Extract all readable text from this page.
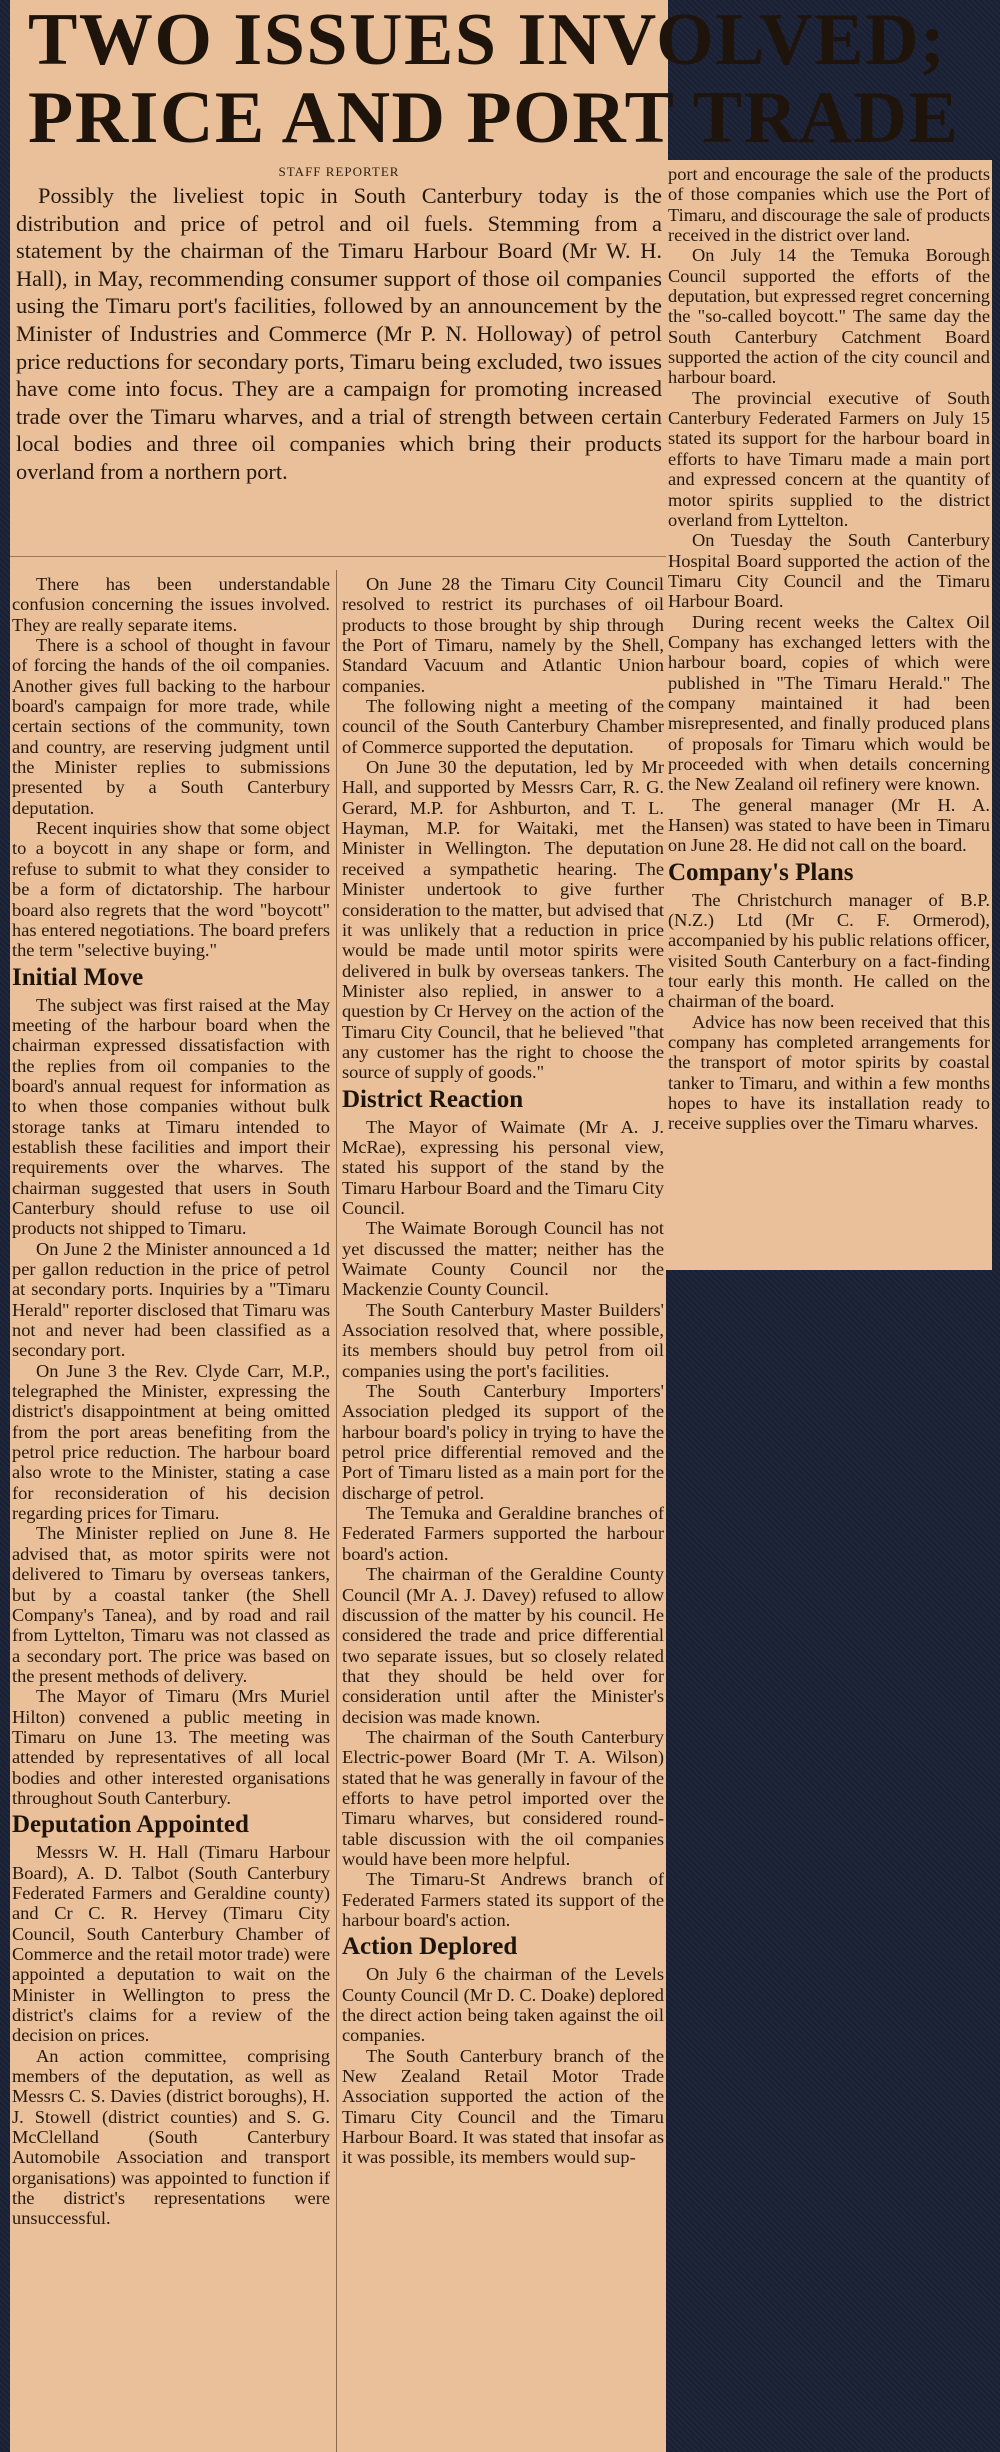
TWO ISSUES INVOLVED;
PRICE AND PORT TRADE
STAFF REPORTER

Possibly the liveliest topic in South Canterbury today is the distribution and price of petrol and oil fuels. Stemming from a statement by the chairman of the Timaru Harbour Board (Mr W. H. Hall), in May, recommending consumer support of those oil companies using the Timaru port's facilities, followed by an announcement by the Minister of Industries and Commerce (Mr P. N. Holloway) of petrol price reductions for secondary ports, Timaru being excluded, two issues have come into focus. They are a campaign for promoting increased trade over the Timaru wharves, and a trial of strength between certain local bodies and three oil companies which bring their products overland from a northern port.

port and encourage the sale of the products of those companies which use the Port of Timaru, and discourage the sale of products received in the district over land.

On July 14 the Temuka Borough Council supported the efforts of the deputation, but expressed regret concerning the "so-called boycott." The same day the South Canterbury Catchment Board supported the action of the city council and harbour board.

The provincial executive of South Canterbury Federated Farmers on July 15 stated its support for the harbour board in efforts to have Timaru made a main port and expressed concern at the quantity of motor spirits supplied to the district overland from Lyttelton.

On Tuesday the South Canterbury Hospital Board supported the action of the Timaru City Council and the Timaru Harbour Board.

During recent weeks the Caltex Oil Company has exchanged letters with the harbour board, copies of which were published in "The Timaru Herald." The company maintained it had been misrepresented, and finally produced plans of proposals for Timaru which would be proceeded with when details concerning the New Zealand oil refinery were known.

The general manager (Mr H. A. Hansen) was stated to have been in Timaru on June 28. He did not call on the board.

Company's Plans

The Christchurch manager of B.P. (N.Z.) Ltd (Mr C. F. Ormerod), accompanied by his public relations officer, visited South Canterbury on a fact-finding tour early this month. He called on the chairman of the board.

Advice has now been received that this company has completed arrangements for the transport of motor spirits by coastal tanker to Timaru, and within a few months hopes to have its installation ready to receive supplies over the Timaru wharves.

There has been understandable confusion concerning the issues involved. They are really separate items.

There is a school of thought in favour of forcing the hands of the oil companies. Another gives full backing to the harbour board's campaign for more trade, while certain sections of the community, town and country, are reserving judgment until the Minister replies to submissions presented by a South Canterbury deputation.

Recent inquiries show that some object to a boycott in any shape or form, and refuse to submit to what they consider to be a form of dictatorship. The harbour board also regrets that the word "boycott" has entered negotiations. The board prefers the term "selective buying."

Initial Move

The subject was first raised at the May meeting of the harbour board when the chairman expressed dissatisfaction with the replies from oil companies to the board's annual request for information as to when those companies without bulk storage tanks at Timaru intended to establish these facilities and import their requirements over the wharves. The chairman suggested that users in South Canterbury should refuse to use oil products not shipped to Timaru.

On June 2 the Minister announced a 1d per gallon reduction in the price of petrol at secondary ports. Inquiries by a "Timaru Herald" reporter disclosed that Timaru was not and never had been classified as a secondary port.

On June 3 the Rev. Clyde Carr, M.P., telegraphed the Minister, expressing the district's disappointment at being omitted from the port areas benefiting from the petrol price reduction. The harbour board also wrote to the Minister, stating a case for reconsideration of his decision regarding prices for Timaru.

The Minister replied on June 8. He advised that, as motor spirits were not delivered to Timaru by overseas tankers, but by a coastal tanker (the Shell Company's Tanea), and by road and rail from Lyttelton, Timaru was not classed as a secondary port. The price was based on the present methods of delivery.

The Mayor of Timaru (Mrs Muriel Hilton) convened a public meeting in Timaru on June 13. The meeting was attended by representatives of all local bodies and other interested organisations throughout South Canterbury.

Deputation Appointed

Messrs W. H. Hall (Timaru Harbour Board), A. D. Talbot (South Canterbury Federated Farmers and Geraldine county) and Cr C. R. Hervey (Timaru City Council, South Canterbury Chamber of Commerce and the retail motor trade) were appointed a deputation to wait on the Minister in Wellington to press the district's claims for a review of the decision on prices.

An action committee, comprising members of the deputation, as well as Messrs C. S. Davies (district boroughs), H. J. Stowell (district counties) and S. G. McClelland (South Canterbury Automobile Association and transport organisations) was appointed to function if the district's representations were unsuccessful.

On June 28 the Timaru City Council resolved to restrict its purchases of oil products to those brought by ship through the Port of Timaru, namely by the Shell, Standard Vacuum and Atlantic Union companies.

The following night a meeting of the council of the South Canterbury Chamber of Commerce supported the deputation.

On June 30 the deputation, led by Mr Hall, and supported by Messrs Carr, R. G. Gerard, M.P. for Ashburton, and T. L. Hayman, M.P. for Waitaki, met the Minister in Wellington. The deputation received a sympathetic hearing. The Minister undertook to give further consideration to the matter, but advised that it was unlikely that a reduction in price would be made until motor spirits were delivered in bulk by overseas tankers. The Minister also replied, in answer to a question by Cr Hervey on the action of the Timaru City Council, that he believed "that any customer has the right to choose the source of supply of goods."

District Reaction

The Mayor of Waimate (Mr A. J. McRae), expressing his personal view, stated his support of the stand by the Timaru Harbour Board and the Timaru City Council.

The Waimate Borough Council has not yet discussed the matter; neither has the Waimate County Council nor the Mackenzie County Council.

The South Canterbury Master Builders' Association resolved that, where possible, its members should buy petrol from oil companies using the port's facilities.

The South Canterbury Importers' Association pledged its support of the harbour board's policy in trying to have the petrol price differential removed and the Port of Timaru listed as a main port for the discharge of petrol.

The Temuka and Geraldine branches of Federated Farmers supported the harbour board's action.

The chairman of the Geraldine County Council (Mr A. J. Davey) refused to allow discussion of the matter by his council. He considered the trade and price differential two separate issues, but so closely related that they should be held over for consideration until after the Minister's decision was made known.

The chairman of the South Canterbury Electric-power Board (Mr T. A. Wilson) stated that he was generally in favour of the efforts to have petrol imported over the Timaru wharves, but considered round-table discussion with the oil companies would have been more helpful.

The Timaru-St Andrews branch of Federated Farmers stated its support of the harbour board's action.

Action Deplored

On July 6 the chairman of the Levels County Council (Mr D. C. Doake) deplored the direct action being taken against the oil companies.

The South Canterbury branch of the New Zealand Retail Motor Trade Association supported the action of the Timaru City Council and the Timaru Harbour Board. It was stated that insofar as it was possible, its members would sup-
